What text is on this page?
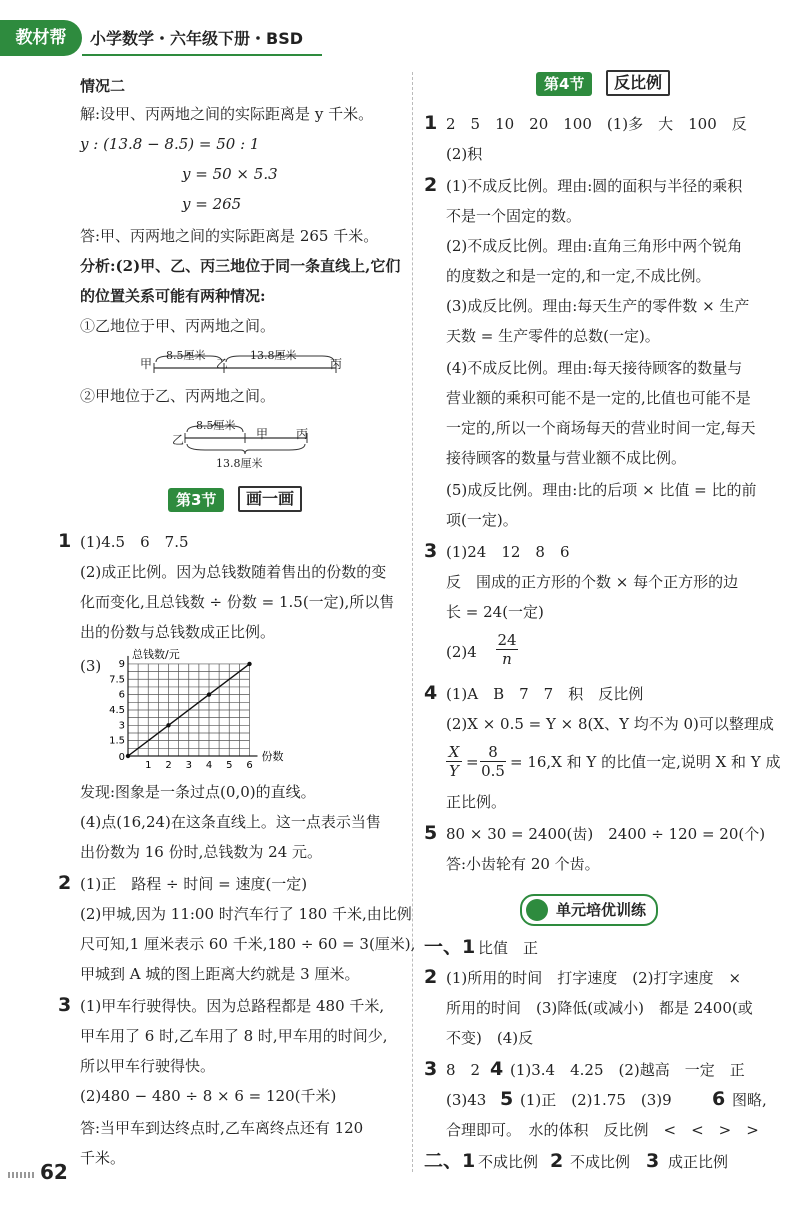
教材帮	小学数学・六年级下册・BSD
情况二
解:设甲、丙两地之间的实际距离是 y 千米。
y : (13.8 − 8.5) = 50 : 1
y = 50 × 5.3
y = 265
答:甲、丙两地之间的实际距离是 265 千米。
分析:(2)甲、乙、丙三地位于同一条直线上,它们
的位置关系可能有两种情况:
①乙地位于甲、丙两地之间。
甲
8.5厘米
乙
13.8厘米
丙
②甲地位于乙、丙两地之间。
乙
8.5厘米
甲 丙
13.8厘米
第3节	画一画
1 (1)4.5　6　7.5
(2)成正比例。因为总钱数随着售出的份数的变
化而变化,且总钱数 ÷ 份数 = 1.5(一定),所以售
出的份数与总钱数成正比例。
(3)
1 2 3 4 5 6
1.5
3
4.5
6
7.5
9
0
总钱数/元
份数
发现:图象是一条过点(0,0)的直线。
(4)点(16,24)在这条直线上。这一点表示当售
出份数为 16 份时,总钱数为 24 元。
2 (1)正　路程 ÷ 时间 = 速度(一定)
(2)甲城,因为 11:00 时汽车行了 180 千米,由比例
尺可知,1 厘米表示 60 千米,180 ÷ 60 = 3(厘米),
甲城到 A 城的图上距离大约就是 3 厘米。
3 (1)甲车行驶得快。因为总路程都是 480 千米,
甲车用了 6 时,乙车用了 8 时,甲车用的时间少,
所以甲车行驶得快。
(2)480 − 480 ÷ 8 × 6 = 120(千米)
答:当甲车到达终点时,乙车离终点还有 120
千米。
62
第4节	反比例
1 2　5　10　20　100　(1)多　大　100　反
(2)积
2 (1)不成反比例。理由:圆的面积与半径的乘积
不是一个固定的数。
(2)不成反比例。理由:直角三角形中两个锐角
的度数之和是一定的,和一定,不成比例。
(3)成反比例。理由:每天生产的零件数 × 生产
天数 = 生产零件的总数(一定)。
(4)不成反比例。理由:每天接待顾客的数量与
营业额的乘积可能不是一定的,比值也可能不是
一定的,所以一个商场每天的营业时间一定,每天
接待顾客的数量与营业额不成比例。
(5)成反比例。理由:比的后项 × 比值 = 比的前
项(一定)。
3 (1)24　12　8　6
反　围成的正方形的个数 × 每个正方形的边
长 = 24(一定)
(2)4
24
n
4 (1)A　B　7　7　积　反比例
(2)X × 0.5 = Y × 8(X、Y 均不为 0)可以整理成
X
Y =
8
0.5 = 16,X 和 Y 的比值一定,说明 X 和 Y 成
正比例。
5 80 × 30 = 2400(齿)　2400 ÷ 120 = 20(个)
答:小齿轮有 20 个齿。
单元培优训练
一、1 比值　正
2 (1)所用的时间　打字速度　(2)打字速度　×
所用的时间　(3)降低(或减小)　都是 2400(或
不变)　(4)反
3 8　2 4 (1)3.4　4.25　(2)越高　一定　正
(3)43 5 (1)正　(2)1.75　(3)9 6 图略,
合理即可。　水的体积　反比例　<　<　>　>
二、1 不成比例 2 不成比例 3 成正比例
